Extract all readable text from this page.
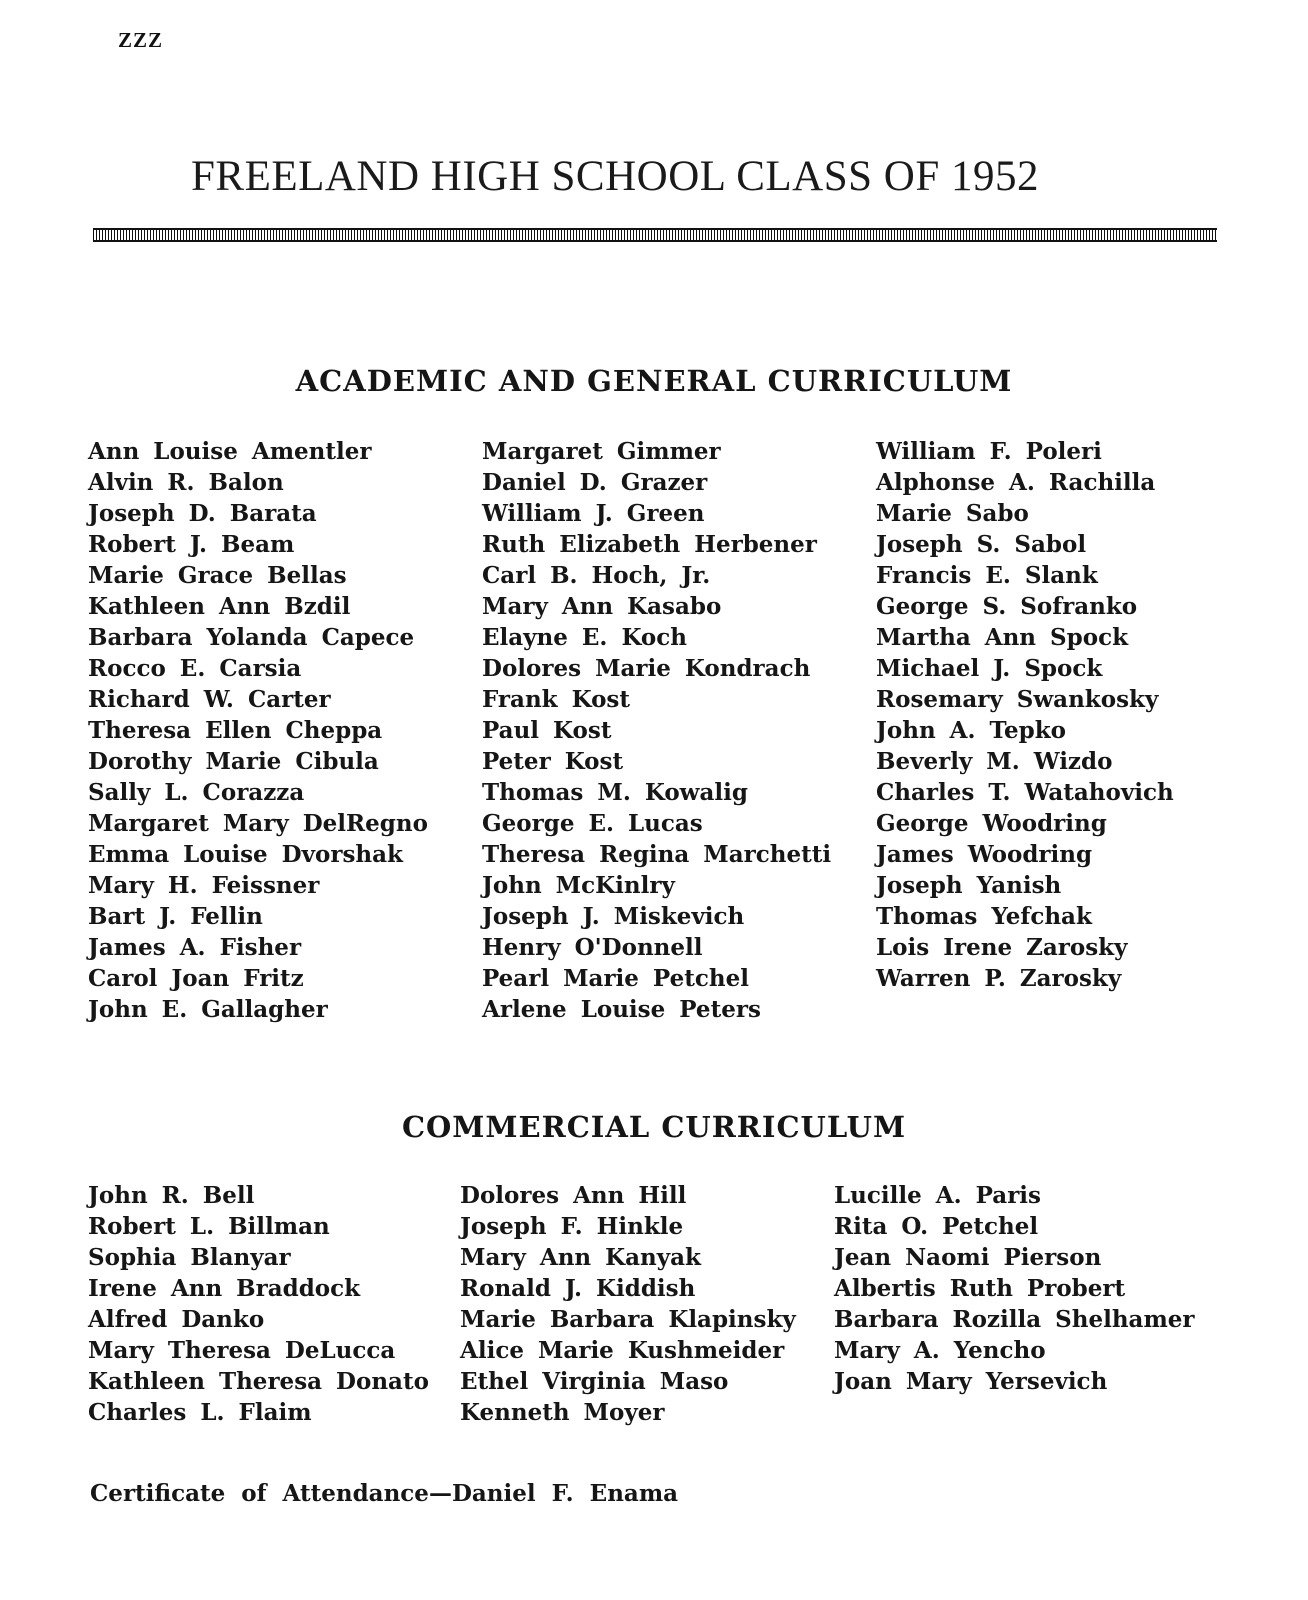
ZZZ
FREELAND HIGH SCHOOL CLASS OF 1952
ACADEMIC AND GENERAL CURRICULUM
Ann Louise Amentler
Alvin R. Balon
Joseph D. Barata
Robert J. Beam
Marie Grace Bellas
Kathleen Ann Bzdil
Barbara Yolanda Capece
Rocco E. Carsia
Richard W. Carter
Theresa Ellen Cheppa
Dorothy Marie Cibula
Sally L. Corazza
Margaret Mary DelRegno
Emma Louise Dvorshak
Mary H. Feissner
Bart J. Fellin
James A. Fisher
Carol Joan Fritz
John E. Gallagher
Margaret Gimmer
Daniel D. Grazer
William J. Green
Ruth Elizabeth Herbener
Carl B. Hoch, Jr.
Mary Ann Kasabo
Elayne E. Koch
Dolores Marie Kondrach
Frank Kost
Paul Kost
Peter Kost
Thomas M. Kowalig
George E. Lucas
Theresa Regina Marchetti
John McKinlry
Joseph J. Miskevich
Henry O'Donnell
Pearl Marie Petchel
Arlene Louise Peters
William F. Poleri
Alphonse A. Rachilla
Marie Sabo
Joseph S. Sabol
Francis E. Slank
George S. Sofranko
Martha Ann Spock
Michael J. Spock
Rosemary Swankosky
John A. Tepko
Beverly M. Wizdo
Charles T. Watahovich
George Woodring
James Woodring
Joseph Yanish
Thomas Yefchak
Lois Irene Zarosky
Warren P. Zarosky
COMMERCIAL CURRICULUM
John R. Bell
Robert L. Billman
Sophia Blanyar
Irene Ann Braddock
Alfred Danko
Mary Theresa DeLucca
Kathleen Theresa Donato
Charles L. Flaim
Dolores Ann Hill
Joseph F. Hinkle
Mary Ann Kanyak
Ronald J. Kiddish
Marie Barbara Klapinsky
Alice Marie Kushmeider
Ethel Virginia Maso
Kenneth Moyer
Lucille A. Paris
Rita O. Petchel
Jean Naomi Pierson
Albertis Ruth Probert
Barbara Rozilla Shelhamer
Mary A. Yencho
Joan Mary Yersevich
Certificate of Attendance—Daniel F. Enama
